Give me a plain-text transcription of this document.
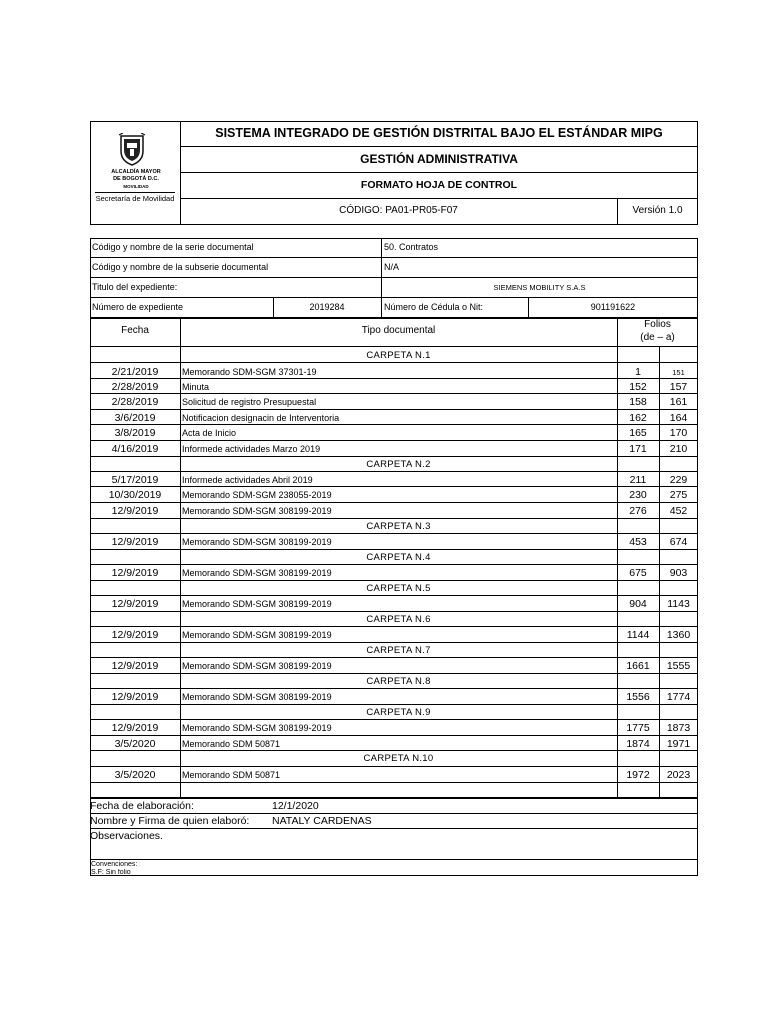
ALCALDÍA MAYOR
DE BOGOTÁ D.C.
MOVILIDAD
Secretaría de Movilidad
SISTEMA INTEGRADO DE GESTIÓN DISTRITAL BAJO EL ESTÁNDAR MIPG
GESTIÓN ADMINISTRATIVA
FORMATO HOJA DE CONTROL
CÓDIGO: PA01-PR05-F07	Versión 1.0
Código y nombre de la serie documental	50. Contratos
Código y nombre de la subserie documental	N/A
Titulo del expediente:	SIEMENS MOBILITY S.A.S
Número de expediente	2019284	Número de Cédula o Nit:	901191622
Fecha	Tipo documental
Folios
(de – a)
CARPETA N.1
2/21/2019	Memorando SDM-SGM 37301-19	1	151
2/28/2019	Minuta	152	157
2/28/2019	Solicitud de registro Presupuestal	158	161
3/6/2019	Notificacion designacin de Interventoria	162	164
3/8/2019	Acta de Inicio	165	170
4/16/2019	Informede actividades Marzo 2019	171	210
CARPETA N.2
5/17/2019	Informede actividades Abril 2019	211	229
10/30/2019	Memorando SDM-SGM 238055-2019	230	275
12/9/2019	Memorando SDM-SGM 308199-2019	276	452
CARPETA N.3
12/9/2019	Memorando SDM-SGM 308199-2019	453	674
CARPETA N.4
12/9/2019	Memorando SDM-SGM 308199-2019	675	903
CARPETA N.5
12/9/2019	Memorando SDM-SGM 308199-2019	904	1143
CARPETA N.6
12/9/2019	Memorando SDM-SGM 308199-2019	1144	1360
CARPETA N.7
12/9/2019	Memorando SDM-SGM 308199-2019	1661	1555
CARPETA N.8
12/9/2019	Memorando SDM-SGM 308199-2019	1556	1774
CARPETA N.9
12/9/2019	Memorando SDM-SGM 308199-2019	1775	1873
3/5/2020	Memorando SDM 50871	1874	1971
CARPETA N.10
3/5/2020	Memorando SDM 50871	1972	2023
Fecha de elaboración:	12/1/2020
Nombre y Firma de quien elaboró: NATALY CARDENAS
Observaciones.
Convenciones:
S.F: Sin folio
